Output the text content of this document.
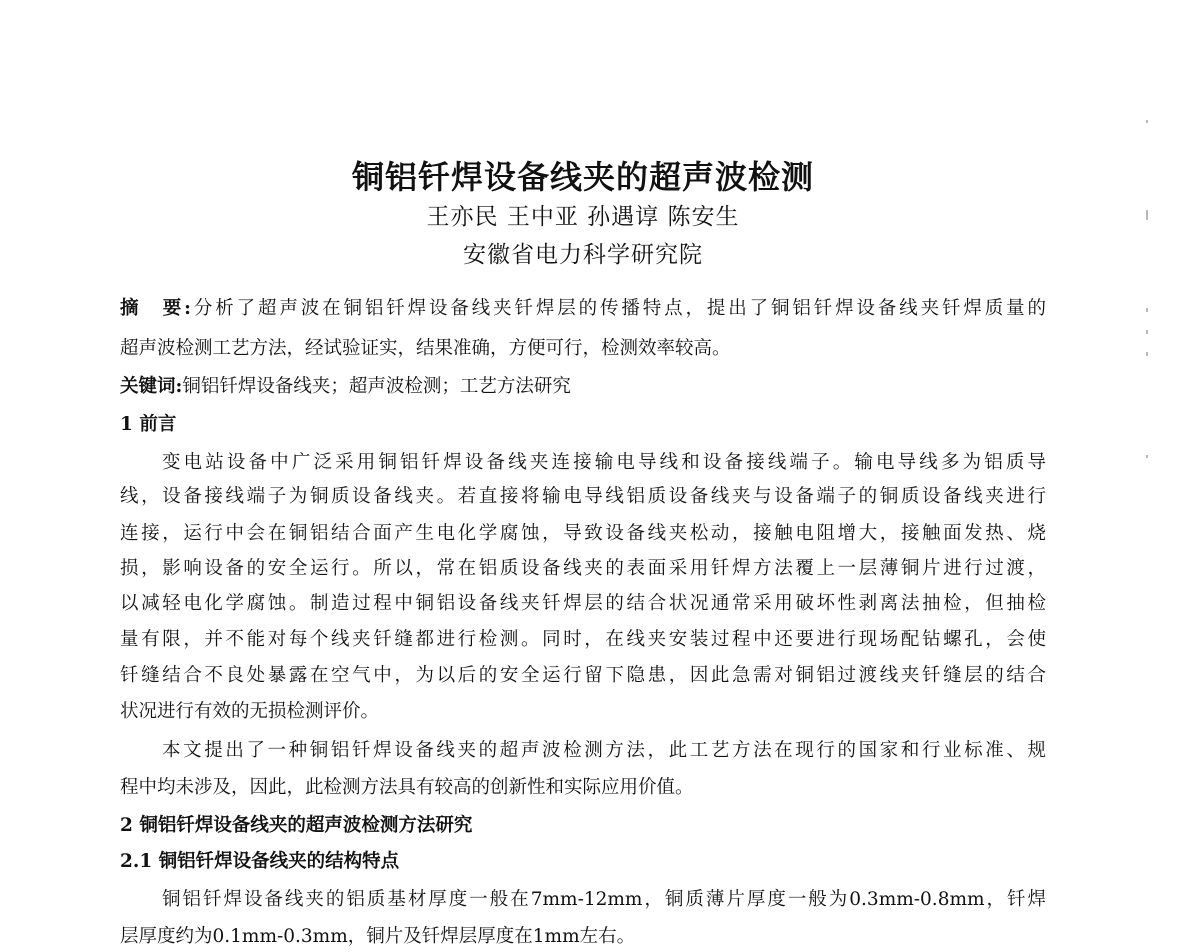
铜铝钎焊设备线夹的超声波检测
王亦民 王中亚 孙遇谆 陈安生
安徽省电力科学研究院
摘　要:分析了超声波在铜铝钎焊设备线夹钎焊层的传播特点，提出了铜铝钎焊设备线夹钎焊质量的
超声波检测工艺方法，经试验证实，结果准确，方便可行，检测效率较高。
关键词:铜铝钎焊设备线夹；超声波检测；工艺方法研究
1 前言
变电站设备中广泛采用铜铝钎焊设备线夹连接输电导线和设备接线端子。输电导线多为铝质导
线，设备接线端子为铜质设备线夹。若直接将输电导线铝质设备线夹与设备端子的铜质设备线夹进行
连接，运行中会在铜铝结合面产生电化学腐蚀，导致设备线夹松动，接触电阻增大，接触面发热、烧
损，影响设备的安全运行。所以，常在铝质设备线夹的表面采用钎焊方法覆上一层薄铜片进行过渡，
以减轻电化学腐蚀。制造过程中铜铝设备线夹钎焊层的结合状况通常采用破坏性剥离法抽检，但抽检
量有限，并不能对每个线夹钎缝都进行检测。同时，在线夹安装过程中还要进行现场配钻螺孔，会使
钎缝结合不良处暴露在空气中，为以后的安全运行留下隐患，因此急需对铜铝过渡线夹钎缝层的结合
状况进行有效的无损检测评价。
本文提出了一种铜铝钎焊设备线夹的超声波检测方法，此工艺方法在现行的国家和行业标准、规
程中均未涉及，因此，此检测方法具有较高的创新性和实际应用价值。
2 铜铝钎焊设备线夹的超声波检测方法研究
2.1 铜铝钎焊设备线夹的结构特点
铜铝钎焊设备线夹的铝质基材厚度一般在7mm-12mm，铜质薄片厚度一般为0.3mm-0.8mm，钎焊
层厚度约为0.1mm-0.3mm，铜片及钎焊层厚度在1mm左右。
